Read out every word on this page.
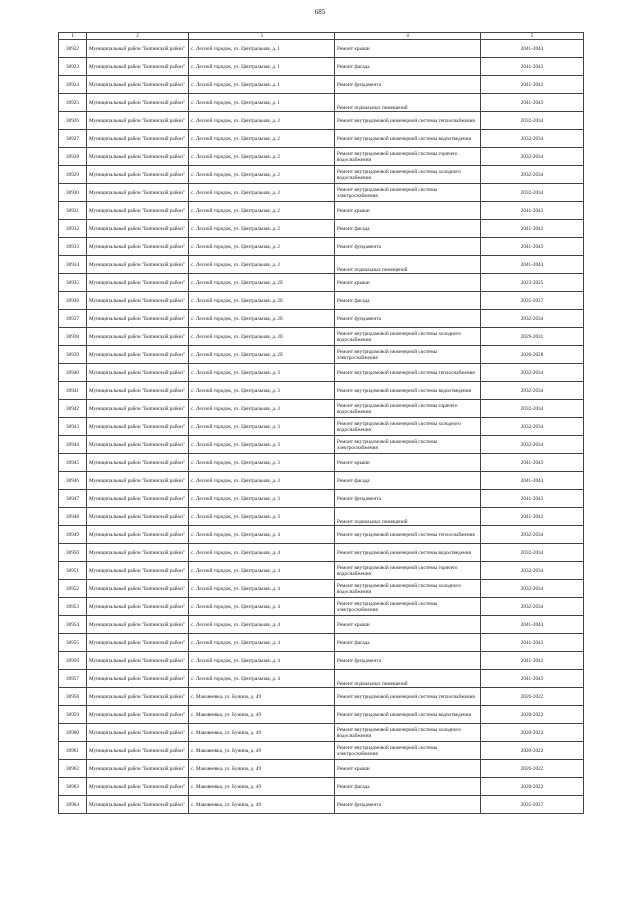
685
1	2	3	4	5
30922	Муниципальный район "Бипинский район"	с. Лесной городок, ул. Центральная, д. 1	Ремонт крыши	2041-2043
30923	Муниципальный район "Бипинский район"	с. Лесной городок, ул. Центральная, д. 1	Ремонт фасада	2041-2043
30924	Муниципальный район "Бипинский район"	с. Лесной городок, ул. Центральная, д. 1	Ремонт фундамента	2041-2043
30925	Муниципальный район "Бипинский район"	с. Лесной городок, ул. Центральная, д. 1	Ремонт подвальных помещений	2041-2043
30926	Муниципальный район "Бипинский район"	с. Лесной городок, ул. Центральная, д. 2	Ремонт внутридомовой инженерной системы теплоснабжения	2032-2034
30927	Муниципальный район "Бипинский район"	с. Лесной городок, ул. Центральная, д. 2	Ремонт внутридомовой инженерной системы водоотведения	2032-2034
30928	Муниципальный район "Бипинский район"	с. Лесной городок, ул. Центральная, д. 2	Ремонт внутридомовой инженерной системы горячего водоснабжения	2032-2034
30929	Муниципальный район "Бипинский район"	с. Лесной городок, ул. Центральная, д. 2	Ремонт внутридомовой инженерной системы холодного водоснабжения	2032-2034
30930	Муниципальный район "Бипинский район"	с. Лесной городок, ул. Центральная, д. 2	Ремонт внутридомовой инженерной системы электроснабжения	2032-2034
30931	Муниципальный район "Бипинский район"	с. Лесной городок, ул. Центральная, д. 2	Ремонт крыши	2041-2043
30932	Муниципальный район "Бипинский район"	с. Лесной городок, ул. Центральная, д. 2	Ремонт фасада	2041-2043
30933	Муниципальный район "Бипинский район"	с. Лесной городок, ул. Центральная, д. 2	Ремонт фундамента	2041-2043
30934	Муниципальный район "Бипинский район"	с. Лесной городок, ул. Центральная, д. 2	Ремонт подвальных помещений	2041-2043
30935	Муниципальный район "Бипинский район"	с. Лесной городок, ул. Центральная, д. 2б	Ремонт крыши	2023-2025
30936	Муниципальный район "Бипинский район"	с. Лесной городок, ул. Центральная, д. 2б	Ремонт фасада	2035-2037
30937	Муниципальный район "Бипинский район"	с. Лесной городок, ул. Центральная, д. 2б	Ремонт фундамента	2032-2034
30938	Муниципальный район "Бипинский район"	с. Лесной городок, ул. Центральная, д. 2б	Ремонт внутридомовой инженерной системы холодного водоснабжения	2029-2031
30939	Муниципальный район "Бипинский район"	с. Лесной городок, ул. Центральная, д. 2б	Ремонт внутридомовой инженерной системы электроснабжения	2026-2028
30940	Муниципальный район "Бипинский район"	с. Лесной городок, ул. Центральная, д. 3	Ремонт внутридомовой инженерной системы теплоснабжения	2032-2034
30941	Муниципальный район "Бипинский район"	с. Лесной городок, ул. Центральная, д. 3	Ремонт внутридомовой инженерной системы водоотведения	2032-2034
30942	Муниципальный район "Бипинский район"	с. Лесной городок, ул. Центральная, д. 3	Ремонт внутридомовой инженерной системы горячего водоснабжения	2032-2034
30943	Муниципальный район "Бипинский район"	с. Лесной городок, ул. Центральная, д. 3	Ремонт внутридомовой инженерной системы холодного водоснабжения	2032-2034
30944	Муниципальный район "Бипинский район"	с. Лесной городок, ул. Центральная, д. 3	Ремонт внутридомовой инженерной системы электроснабжения	2032-2034
30945	Муниципальный район "Бипинский район"	с. Лесной городок, ул. Центральная, д. 3	Ремонт крыши	2041-2043
30946	Муниципальный район "Бипинский район"	с. Лесной городок, ул. Центральная, д. 3	Ремонт фасада	2041-2043
30947	Муниципальный район "Бипинский район"	с. Лесной городок, ул. Центральная, д. 3	Ремонт фундамента	2041-2043
30948	Муниципальный район "Бипинский район"	с. Лесной городок, ул. Центральная, д. 3	Ремонт подвальных помещений	2041-2043
30949	Муниципальный район "Бипинский район"	с. Лесной городок, ул. Центральная, д. 4	Ремонт внутридомовой инженерной системы теплоснабжения	2032-2034
30950	Муниципальный район "Бипинский район"	с. Лесной городок, ул. Центральная, д. 4	Ремонт внутридомовой инженерной системы водоотведения	2032-2034
30951	Муниципальный район "Бипинский район"	с. Лесной городок, ул. Центральная, д. 4	Ремонт внутридомовой инженерной системы горячего водоснабжения	2032-2034
30952	Муниципальный район "Бипинский район"	с. Лесной городок, ул. Центральная, д. 4	Ремонт внутридомовой инженерной системы холодного водоснабжения	2032-2034
30953	Муниципальный район "Бипинский район"	с. Лесной городок, ул. Центральная, д. 4	Ремонт внутридомовой инженерной системы электроснабжения	2032-2034
30954	Муниципальный район "Бипинский район"	с. Лесной городок, ул. Центральная, д. 4	Ремонт крыши	2041-2043
30955	Муниципальный район "Бипинский район"	с. Лесной городок, ул. Центральная, д. 4	Ремонт фасада	2041-2043
30956	Муниципальный район "Бипинский район"	с. Лесной городок, ул. Центральная, д. 4	Ремонт фундамента	2041-2043
30957	Муниципальный район "Бипинский район"	с. Лесной городок, ул. Центральная, д. 4	Ремонт подвальных помещений	2041-2043
30958	Муниципальный район "Бипинский район"	с. Маковеевка, ул. Бунина, д. 49	Ремонт внутридомовой инженерной системы теплоснабжения	2020-2022
30959	Муниципальный район "Бипинский район"	с. Маковеевка, ул. Бунина, д. 49	Ремонт внутридомовой инженерной системы водоотведения	2020-2022
30960	Муниципальный район "Бипинский район"	с. Маковеевка, ул. Бунина, д. 49	Ремонт внутридомовой инженерной системы холодного водоснабжения	2020-2022
30961	Муниципальный район "Бипинский район"	с. Маковеевка, ул. Бунина, д. 49	Ремонт внутридомовой инженерной системы электроснабжения	2020-2022
30962	Муниципальный район "Бипинский район"	с. Маковеевка, ул. Бунина, д. 49	Ремонт крыши	2020-2022
30963	Муниципальный район "Бипинский район"	с. Маковеевка, ул. Бунина, д. 49	Ремонт фасада	2020-2022
30964	Муниципальный район "Бипинский район"	с. Маковеевка, ул. Бунина, д. 49	Ремонт фундамента	2035-2037
